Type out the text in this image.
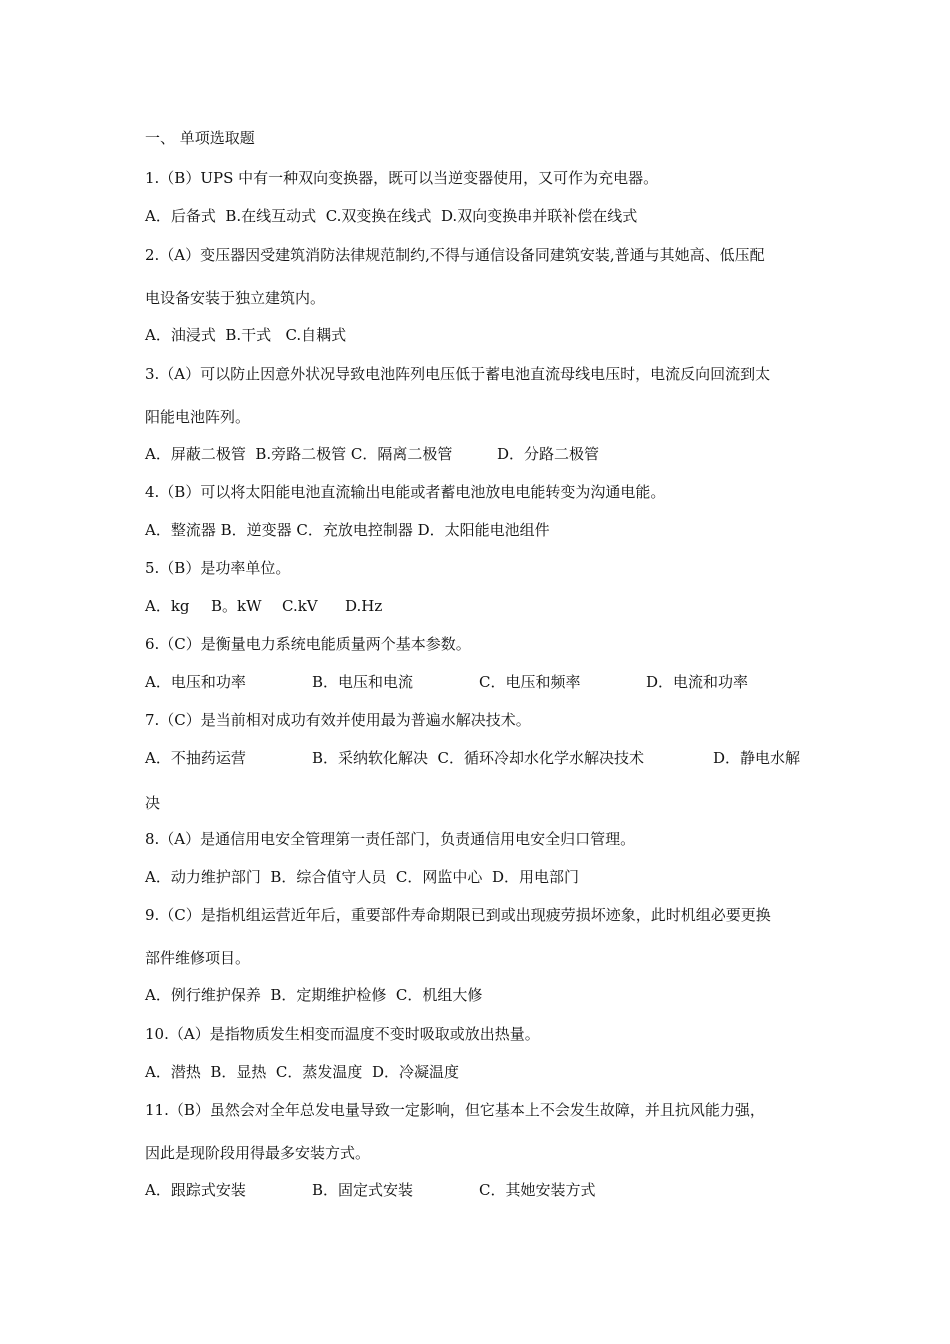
一、 单项选取题
1.（B）UPS 中有一种双向变换器，既可以当逆变器使用，又可作为充电器。
A．后备式  B.在线互动式  C.双变换在线式  D.双向变换串并联补偿在线式
2.（A）变压器因受建筑消防法律规范制约,不得与通信设备同建筑安装,普通与其她高、低压配
电设备安装于独立建筑内。
A．油浸式  B.干式   C.自耦式
3.（A）可以防止因意外状况导致电池阵列电压低于蓄电池直流母线电压时，电流反向回流到太
阳能电池阵列。

A．屏蔽二极管  B.旁路二极管 C．隔离二极管

	D．分路二极管

4.（B）可以将太阳能电池直流输出电能或者蓄电池放电电能转变为沟通电能。
A．整流器 B．逆变器 C．充放电控制器 D．太阳能电池组件
5.（B）是功率单位。

A．kg

B。kW

C.kV

D.Hz

6.（C）是衡量电力系统电能质量两个基本参数。

A．电压和功率

	B．电压和电流

	C．电压和频率

	D．电流和功率

7.（C）是当前相对成功有效并使用最为普遍水解决技术。

A．不抽药运营

	B．采纳软化解决  C．循环冷却水化学水解决技术

	D．静电水解

决
8.（A）是通信用电安全管理第一责任部门，负责通信用电安全归口管理。
A．动力维护部门  B．综合值守人员  C．网监中心  D．用电部门
9.（C）是指机组运营近年后，重要部件寿命期限已到或出现疲劳损坏迹象，此时机组必要更换
部件维修项目。
A．例行维护保养  B．定期维护检修  C．机组大修
10.（A）是指物质发生相变而温度不变时吸取或放出热量。
A．潜热  B．显热  C．蒸发温度  D．冷凝温度
11.（B）虽然会对全年总发电量导致一定影响，但它基本上不会发生故障，并且抗风能力强，
因此是现阶段用得最多安装方式。

A．跟踪式安装

	B．固定式安装

	C．其她安装方式
